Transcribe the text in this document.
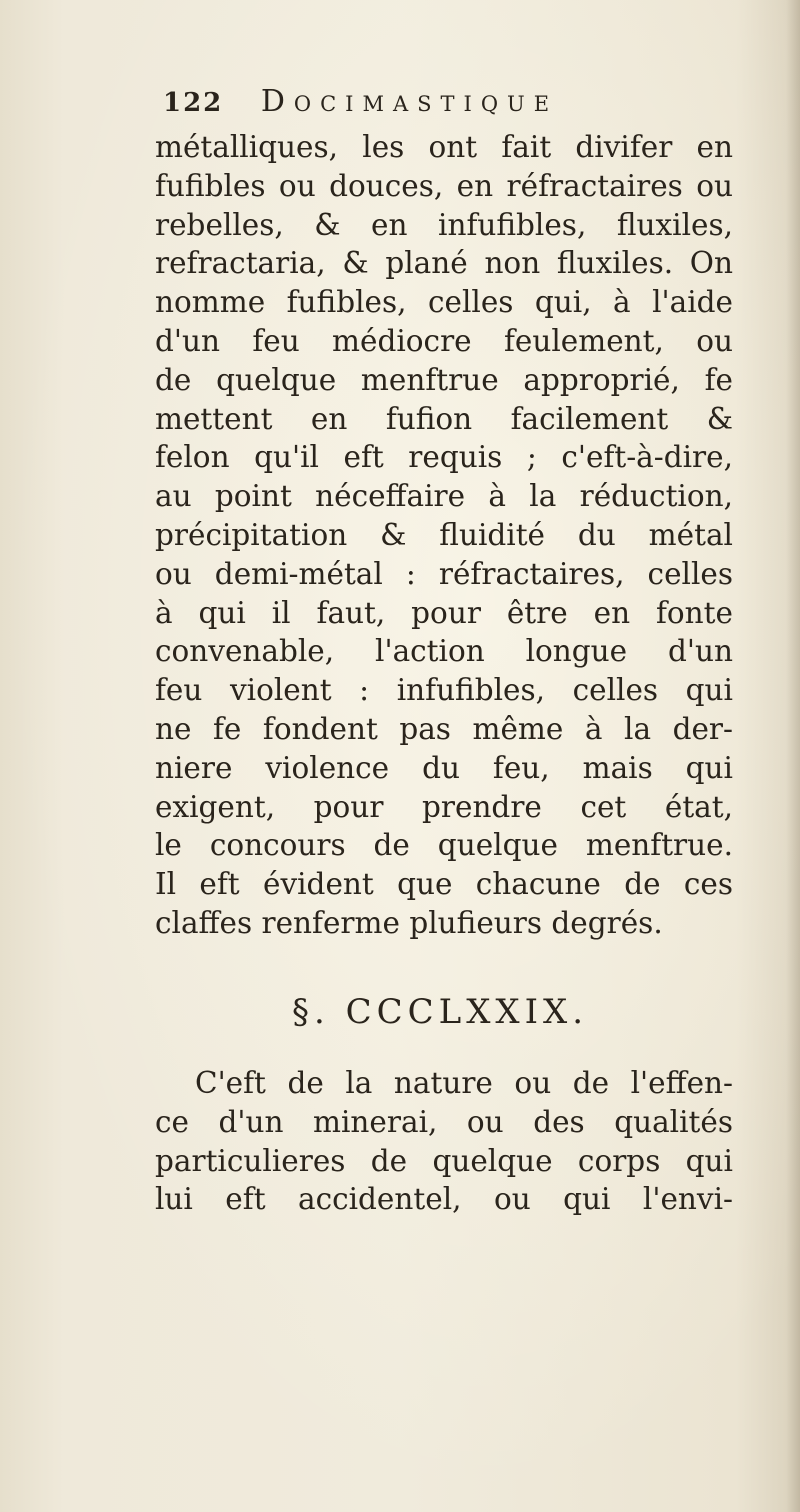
122 Docimastique
métalliques, les ont fait divifer en
fufibles ou douces, en réfractaires ou
rebelles, & en infufibles, fluxiles,
refractaria, & plané non fluxiles. On
nomme fufibles, celles qui, à l'aide
d'un feu médiocre feulement, ou
de quelque menftrue approprié, fe
mettent en fufion facilement &
felon qu'il eft requis ; c'eft-à-dire,
au point néceffaire à la réduction,
précipitation & fluidité du métal
ou demi-métal : réfractaires, celles
à qui il faut, pour être en fonte
convenable, l'action longue d'un
feu violent : infufibles, celles qui
ne fe fondent pas même à la der-
niere violence du feu, mais qui
exigent, pour prendre cet état,
le concours de quelque menftrue.
Il eft évident que chacune de ces
claffes renferme plufieurs degrés.
§. CCCLXXIX.
C'eft de la nature ou de l'effen-
ce d'un minerai, ou des qualités
particulieres de quelque corps qui
lui eft accidentel, ou qui l'envi-
